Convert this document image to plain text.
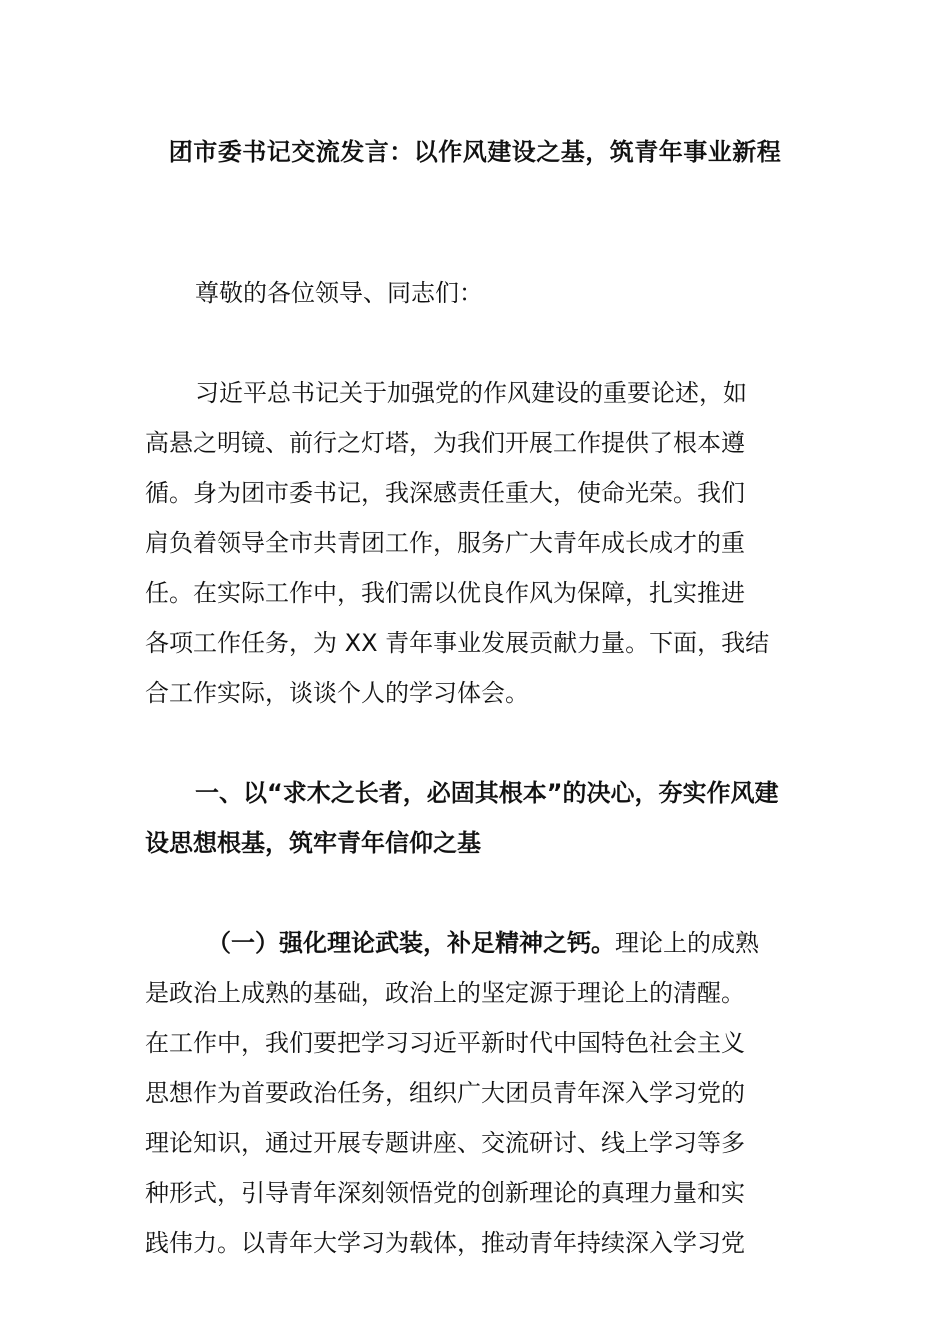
团市委书记交流发言：以作风建设之基，筑青年事业新程
尊敬的各位领导、同志们：
习近平总书记关于加强党的作风建设的重要论述，如
高悬之明镜、前行之灯塔，为我们开展工作提供了根本遵
循。身为团市委书记，我深感责任重大，使命光荣。我们
肩负着领导全市共青团工作，服务广大青年成长成才的重
任。在实际工作中，我们需以优良作风为保障，扎实推进
各项工作任务，为 XX 青年事业发展贡献力量。下面，我结
合工作实际，谈谈个人的学习体会。
一、以“求木之长者，必固其根本”的决心，夯实作风建
设思想根基，筑牢青年信仰之基
（一）强化理论武装，补足精神之钙。理论上的成熟
是政治上成熟的基础，政治上的坚定源于理论上的清醒。
在工作中，我们要把学习习近平新时代中国特色社会主义
思想作为首要政治任务，组织广大团员青年深入学习党的
理论知识，通过开展专题讲座、交流研讨、线上学习等多
种形式，引导青年深刻领悟党的创新理论的真理力量和实
践伟力。以青年大学习为载体，推动青年持续深入学习党
